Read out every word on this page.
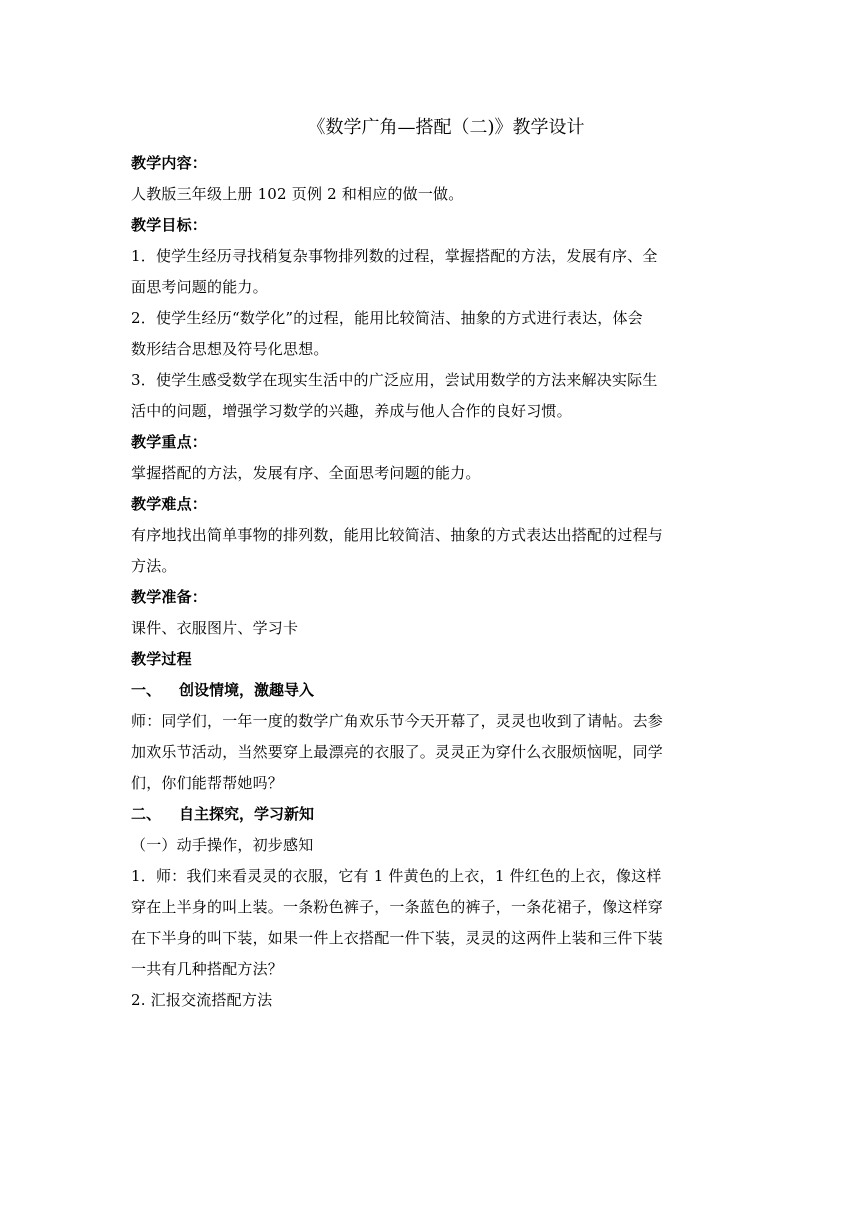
《数学广角—搭配（二)》教学设计

教学内容：

人教版三年级上册 102 页例 2 和相应的做一做。

教学目标：

1．使学生经历寻找稍复杂事物排列数的过程，掌握搭配的方法，发展有序、全

面思考问题的能力。

2．使学生经历“数学化”的过程，能用比较简洁、抽象的方式进行表达，体会

数形结合思想及符号化思想。

3．使学生感受数学在现实生活中的广泛应用，尝试用数学的方法来解决实际生

活中的问题，增强学习数学的兴趣，养成与他人合作的良好习惯。

教学重点：

掌握搭配的方法，发展有序、全面思考问题的能力。

教学难点：

有序地找出简单事物的排列数，能用比较简洁、抽象的方式表达出搭配的过程与

方法。

教学准备：

课件、衣服图片、学习卡

教学过程

一、 创设情境，激趣导入

师：同学们，一年一度的数学广角欢乐节今天开幕了，灵灵也收到了请帖。去参

加欢乐节活动，当然要穿上最漂亮的衣服了。灵灵正为穿什么衣服烦恼呢，同学

们，你们能帮帮她吗？

二、 自主探究，学习新知

（一）动手操作，初步感知

1．师：我们来看灵灵的衣服，它有 1 件黄色的上衣，1 件红色的上衣，像这样

穿在上半身的叫上装。一条粉色裤子，一条蓝色的裤子，一条花裙子，像这样穿

在下半身的叫下装，如果一件上衣搭配一件下装，灵灵的这两件上装和三件下装

一共有几种搭配方法？

2. 汇报交流搭配方法
